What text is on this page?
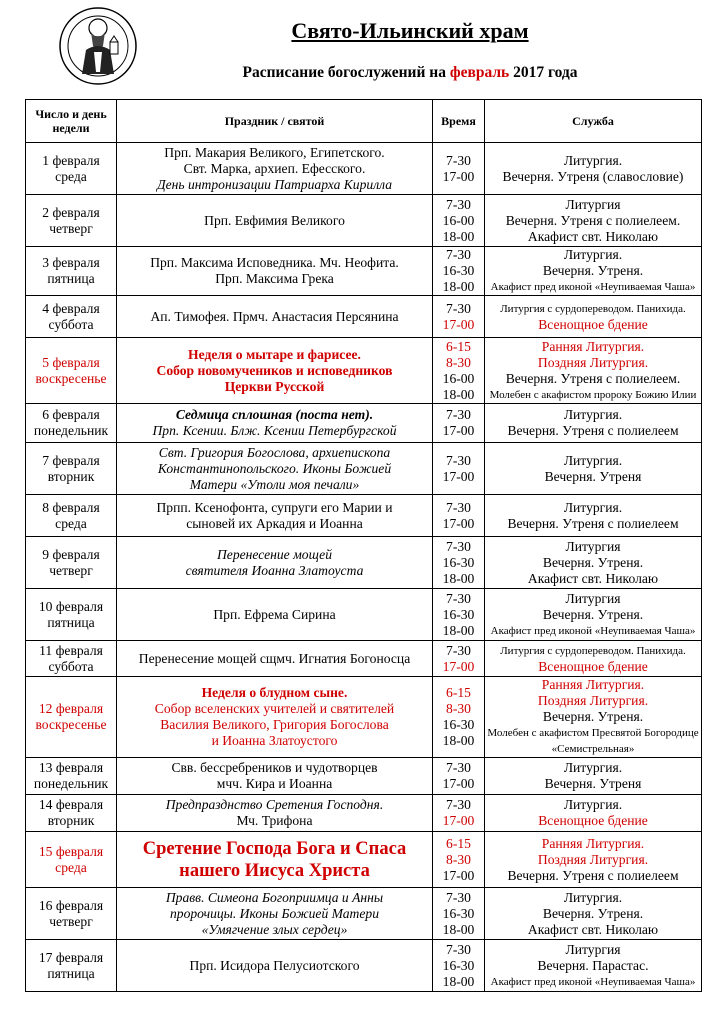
Свято-Ильинский храм
Расписание богослужений на февраль 2017 года
Число и день недели	Праздник / святой	Время	Служба

1 февраля
среда	Прп. Макария Великого, Египетского.
Свт. Марка, архиеп. Ефесского.
День интронизации Патриарха Кирилла	7-30
17-00	Литургия.
Вечерня. Утреня (славословие)

2 февраля
четверг	Прп. Евфимия Великого	7-30
16-00
18-00	Литургия
Вечерня. Утреня с полиелеем.
Акафист свт. Николаю

3 февраля
пятница	Прп. Максима Исповедника. Мч. Неофита.
Прп. Максима Грека	7-30
16-30
18-00	Литургия.
Вечерня. Утреня.
Акафист пред иконой «Неупиваемая Чаша»

4 февраля
суббота	Ап. Тимофея. Прмч. Анастасия Персянина	7-30
17-00	Литургия с сурдопереводом. Панихида.
Всенощное бдение

5 февраля
воскресенье	Неделя о мытаре и фарисее.
Собор новомучеников и исповедников
Церкви Русской	6-15
8-30
16-00
18-00	Ранняя Литургия.
Поздняя Литургия.
Вечерня. Утреня с полиелеем.
Молебен с акафистом пророку Божию Илии

6 февраля
понедельник	Седмица сплошная (поста нет).
Прп. Ксении. Блж. Ксении Петербургской	7-30
17-00	Литургия.
Вечерня. Утреня с полиелеем

7 февраля
вторник	Свт. Григория Богослова, архиепископа
Константинопольского. Иконы Божией
Матери «Утоли моя печали»	7-30
17-00	Литургия.
Вечерня. Утреня

8 февраля
среда	Прпп. Ксенофонта, супруги его Марии и
сыновей их Аркадия и Иоанна	7-30
17-00	Литургия.
Вечерня. Утреня с полиелеем

9 февраля
четверг	Перенесение мощей
святителя Иоанна Златоуста	7-30
16-30
18-00	Литургия
Вечерня. Утреня.
Акафист свт. Николаю

10 февраля
пятница	Прп. Ефрема Сирина	7-30
16-30
18-00	Литургия
Вечерня. Утреня.
Акафист пред иконой «Неупиваемая Чаша»

11 февраля
суббота	Перенесение мощей сщмч. Игнатия Богоносца	7-30
17-00	Литургия с сурдопереводом. Панихида.
Всенощное бдение

12 февраля
воскресенье	Неделя о блудном сыне.
Собор вселенских учителей и святителей
Василия Великого, Григория Богослова
и Иоанна Златоустого	6-15
8-30
16-30
18-00	Ранняя Литургия.
Поздняя Литургия.
Вечерня. Утреня.
Молебен с акафистом Пресвятой Богородице
«Семистрельная»

13 февраля
понедельник	Свв. бессребреников и чудотворцев
мчч. Кира и Иоанна	7-30
17-00	Литургия.
Вечерня. Утреня

14 февраля
вторник	Предпразднство Сретения Господня.
Мч. Трифона	7-30
17-00	Литургия.
Всенощное бдение

15 февраля
среда	Сретение Господа Бога и Спаса
нашего Иисуса Христа	6-15
8-30
17-00	Ранняя Литургия.
Поздняя Литургия.
Вечерня. Утреня с полиелеем

16 февраля
четверг	Правв. Симеона Богоприимца и Анны
пророчицы. Иконы Божией Матери
«Умягчение злых сердец»	7-30
16-30
18-00	Литургия.
Вечерня. Утреня.
Акафист свт. Николаю

17 февраля
пятница	Прп. Исидора Пелусиотского	7-30
16-30
18-00	Литургия
Вечерня. Парастас.
Акафист пред иконой «Неупиваемая Чаша»
